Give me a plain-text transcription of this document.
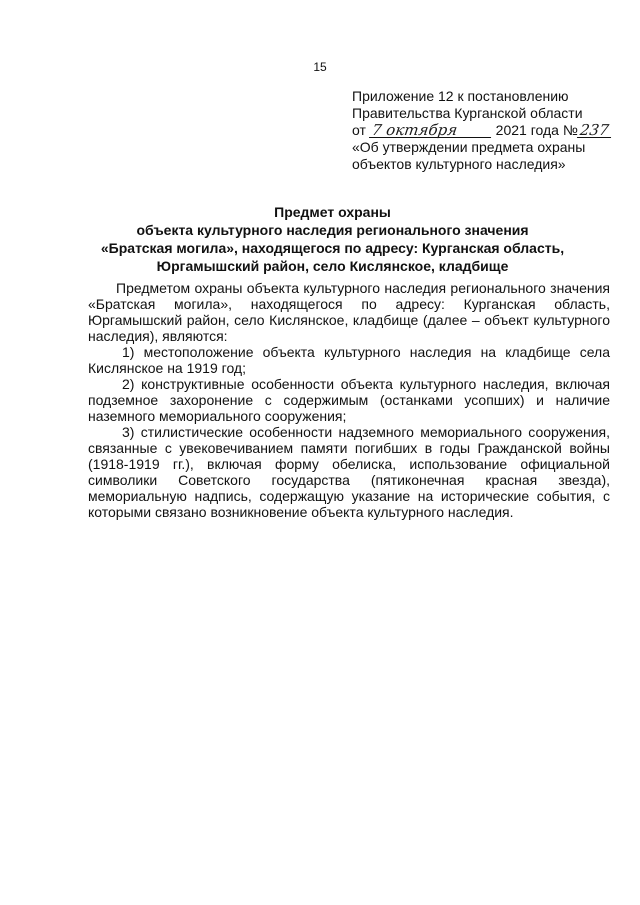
15
Приложение 12 к постановлению
Правительства Курганской области
от 7 октября	2021 года №237
«Об утверждении предмета охраны
объектов культурного наследия»
Предмет охраны
объекта культурного наследия регионального значения
«Братская могила», находящегося по адресу: Курганская область,
Юргамышский район, село Кислянское, кладбище

Предметом охраны объекта культурного наследия регионального значения «Братская могила», находящегося по адресу: Курганская область, Юргамышский район, село Кислянское, кладбище (далее – объект культурного наследия), являются:

1) местоположение объекта культурного наследия на кладбище села Кислянское на 1919 год;

2) конструктивные особенности объекта культурного наследия, включая подземное захоронение с содержимым (останками усопших) и наличие наземного мемориального сооружения;

3) стилистические особенности надземного мемориального сооружения, связанные с увековечиванием памяти погибших в годы Гражданской войны (1918-1919 гг.), включая форму обелиска, использование официальной символики Советского государства (пятиконечная красная звезда), мемориальную надпись, содержащую указание на исторические события, с которыми связано возникновение объекта культурного наследия.
